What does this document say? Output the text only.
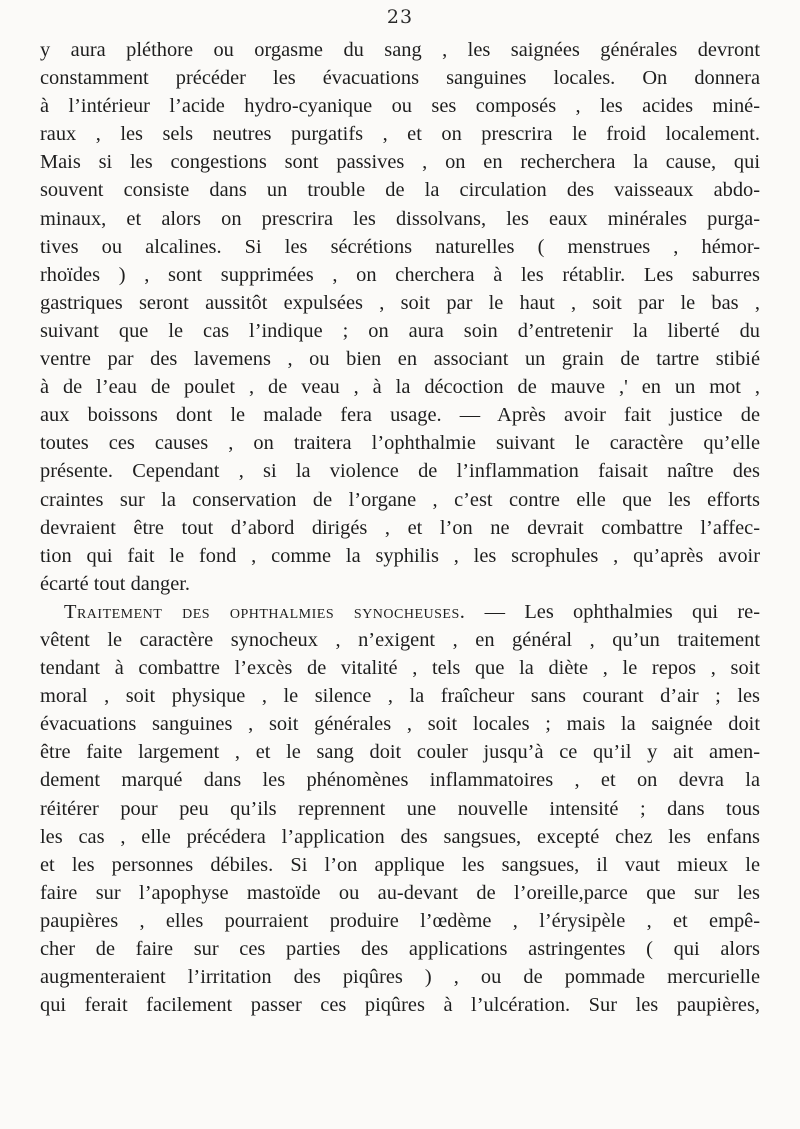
23
y aura pléthore ou orgasme du sang , les saignées générales devront
constamment précéder les évacuations sanguines locales. On donnera
à l’intérieur l’acide hydro-cyanique ou ses composés , les acides miné-
raux , les sels neutres purgatifs , et on prescrira le froid localement.
Mais si les congestions sont passives , on en recherchera la cause, qui
souvent consiste dans un trouble de la circulation des vaisseaux abdo-
minaux, et alors on prescrira les dissolvans, les eaux minérales purga-
tives ou alcalines. Si les sécrétions naturelles ( menstrues , hémor-
rhoïdes ) , sont supprimées , on cherchera à les rétablir. Les saburres
gastriques seront aussitôt expulsées , soit par le haut , soit par le bas ,
suivant que le cas l’indique ; on aura soin d’entretenir la liberté du
ventre par des lavemens , ou bien en associant un grain de tartre stibié
à de l’eau de poulet , de veau , à la décoction de mauve ,' en un mot ,
aux boissons dont le malade fera usage. — Après avoir fait justice de
toutes ces causes , on traitera l’ophthalmie suivant le caractère qu’elle
présente. Cependant , si la violence de l’inflammation faisait naître des
craintes sur la conservation de l’organe , c’est contre elle que les efforts
devraient être tout d’abord dirigés , et l’on ne devrait combattre l’affec-
tion qui fait le fond , comme la syphilis , les scrophules , qu’après avoir
écarté tout danger.
Traitement des ophthalmies synocheuses. — Les ophthalmies qui re-
vêtent le caractère synocheux , n’exigent , en général , qu’un traitement
tendant à combattre l’excès de vitalité , tels que la diète , le repos , soit
moral , soit physique , le silence , la fraîcheur sans courant d’air ; les
évacuations sanguines , soit générales , soit locales ; mais la saignée doit
être faite largement , et le sang doit couler jusqu’à ce qu’il y ait amen-
dement marqué dans les phénomènes inflammatoires , et on devra la
réitérer pour peu qu’ils reprennent une nouvelle intensité ; dans tous
les cas , elle précédera l’application des sangsues, excepté chez les enfans
et les personnes débiles. Si l’on applique les sangsues, il vaut mieux le
faire sur l’apophyse mastoïde ou au-devant de l’oreille,parce que sur les
paupières , elles pourraient produire l’œdème , l’érysipèle , et empê-
cher de faire sur ces parties des applications astringentes ( qui alors
augmenteraient l’irritation des piqûres ) , ou de pommade mercurielle
qui ferait facilement passer ces piqûres à l’ulcération. Sur les paupières,
